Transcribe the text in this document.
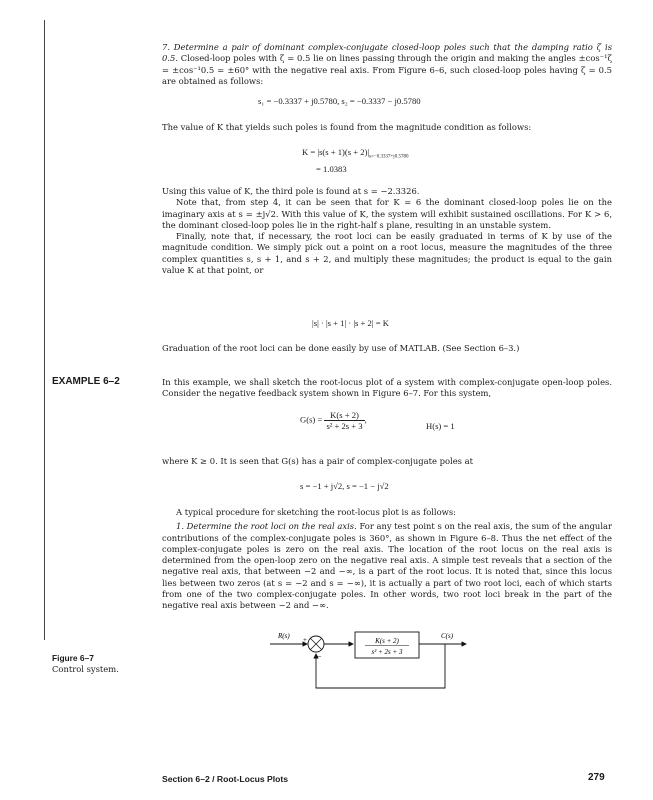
7. Determine a pair of dominant complex-conjugate closed-loop poles such that the damping ratio ζ is 0.5. Closed-loop poles with ζ = 0.5 lie on lines passing through the origin and making the angles ±cos⁻¹ζ = ±cos⁻¹0.5 = ±60° with the negative real axis. From Figure 6–6, such closed-loop poles having ζ = 0.5 are obtained as follows:

s₁ = −0.3337 + j0.5780, s₂ = −0.3337 − j0.5780

The value of K that yields such poles is found from the magnitude condition as follows:

$K = |s(s + 1)(s + 2)|_{s=-0.3337+j0.5780}$
= 1.0383

Using this value of K, the third pole is found at s = −2.3326.

Note that, from step 4, it can be seen that for K = 6 the dominant closed-loop poles lie on the imaginary axis at s = ±j√2. With this value of K, the system will exhibit sustained oscillations. For K > 6, the dominant closed-loop poles lie in the right-half s plane, resulting in an unstable system.

Finally, note that, if necessary, the root loci can be easily graduated in terms of K by use of the magnitude condition. We simply pick out a point on a root locus, measure the magnitudes of the three complex quantities s, s + 1, and s + 2, and multiply these magnitudes; the product is equal to the gain value K at that point, or

|s| · |s + 1| · |s + 2| = K

Graduation of the root loci can be done easily by use of MATLAB. (See Section 6–3.)

EXAMPLE 6–2	In this example, we shall sketch the root-locus plot of a system with complex-conjugate open-loop poles. Consider the negative feedback system shown in Figure 6–7. For this system,

$G(s) = \frac{K(s + 2)}{\text{s² + 2s + 3}}$ ,
H(s) = 1

where K ≥ 0. It is seen that G(s) has a pair of complex-conjugate poles at

s = −1 + j√2, s = −1 − j√2

A typical procedure for sketching the root-locus plot is as follows:

1. Determine the root loci on the real axis. For any test point s on the real axis, the sum of the angular contributions of the complex-conjugate poles is 360°, as shown in Figure 6–8. Thus the net effect of the complex-conjugate poles is zero on the real axis. The location of the root locus on the real axis is determined from the open-loop zero on the negative real axis. A simple test reveals that a section of the negative real axis, that between −2 and −∞, is a part of the root locus. It is noted that, since this locus lies between two zeros (at s = −2 and s = −∞), it is actually a part of two root loci, each of which starts from one of the two complex-conjugate poles. In other words, two root loci break in the part of the negative real axis between −2 and −∞.

R(s) +
−
K(s + 2)
s² + 2s + 3
C(s)
Figure 6–7
Control system.
Section 6–2 / Root-Locus Plots	279
